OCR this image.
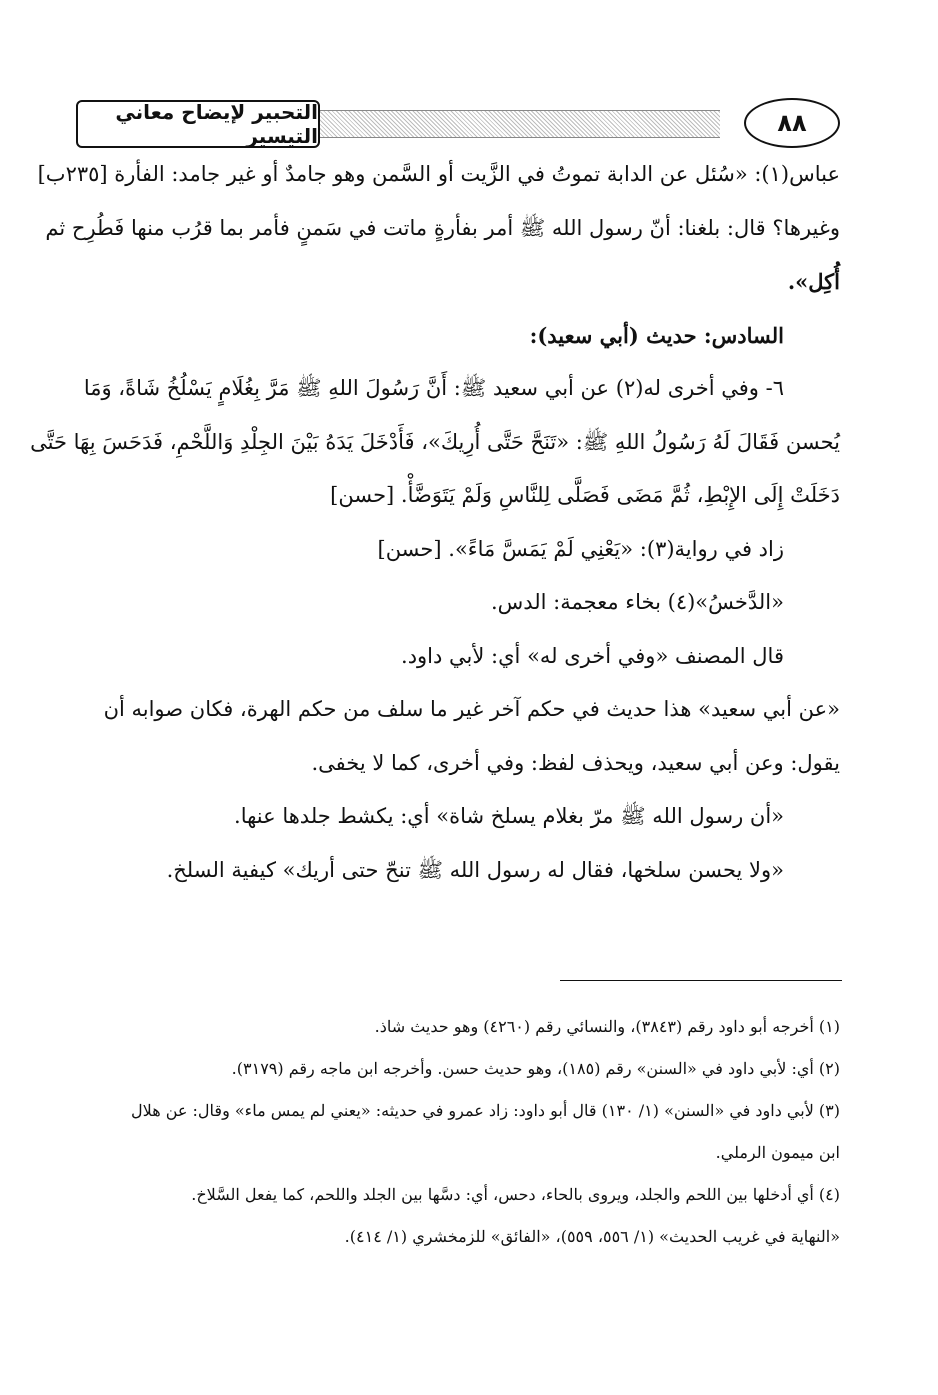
التحبير لإيضاح معاني التيسير	٨٨
عباس(١): «سُئل عن الدابة تموتُ في الزَّيت أو السَّمن وهو جامدٌ أو غير جامد: الفأرة [٢٣٥ب]
وغيرها؟ قال: بلغنا: أنّ رسول الله ﷺ أمر بفأرةٍ ماتت في سَمنٍ فأمر بما قرُب منها فَطُرِح ثم
أُكِل».
السادس: حديث (أبي سعيد):
٦- وفي أخرى له(٢) عن أبي سعيد ﷺ: أَنَّ رَسُولَ اللهِ ﷺ مَرَّ بِغُلَامٍ يَسْلُخُ شَاةً، وَمَا
يُحسن فَقَالَ لَهُ رَسُولُ اللهِ ﷺ: «تَنَحَّ حَتَّى أُرِيكَ»، فَأَدْخَلَ يَدَهُ بَيْنَ الجِلْدِ وَاللَّحْمِ، فَدَحَسَ بِهَا حَتَّى
دَخَلَتْ إِلَى الإِبْطِ، ثُمَّ مَضَى فَصَلَّى لِلنَّاسِ وَلَمْ يَتَوَضَّأْ. [حسن]
زاد في رواية(٣): «يَعْنِي لَمْ يَمَسَّ مَاءً». [حسن]
«الدَّخسُ»(٤) بخاء معجمة: الدس.
قال المصنف «وفي أخرى له» أي: لأبي داود.
«عن أبي سعيد» هذا حديث في حكم آخر غير ما سلف من حكم الهرة، فكان صوابه أن
يقول: وعن أبي سعيد، ويحذف لفظ: وفي أخرى، كما لا يخفى.
«أن رسول الله ﷺ مرّ بغلام يسلخ شاة» أي: يكشط جلدها عنها.
«ولا يحسن سلخها، فقال له رسول الله ﷺ تنحّ حتى أريك» كيفية السلخ.
(١) أخرجه أبو داود رقم (٣٨٤٣)، والنسائي رقم (٤٢٦٠) وهو حديث شاذ.
(٢) أي: لأبي داود في «السنن» رقم (١٨٥)، وهو حديث حسن. وأخرجه ابن ماجه رقم (٣١٧٩).
(٣) لأبي داود في «السنن» (١/ ١٣٠) قال أبو داود: زاد عمرو في حديثه: «يعني لم يمس ماء» وقال: عن هلال
ابن ميمون الرملي.
(٤) أي أدخلها بين اللحم والجلد، ويروى بالحاء، دحس، أي: دسَّها بين الجلد واللحم، كما يفعل السَّلاخ.
«النهاية في غريب الحديث» (١/ ٥٥٦، ٥٥٩)، «الفائق» للزمخشري (١/ ٤١٤).
